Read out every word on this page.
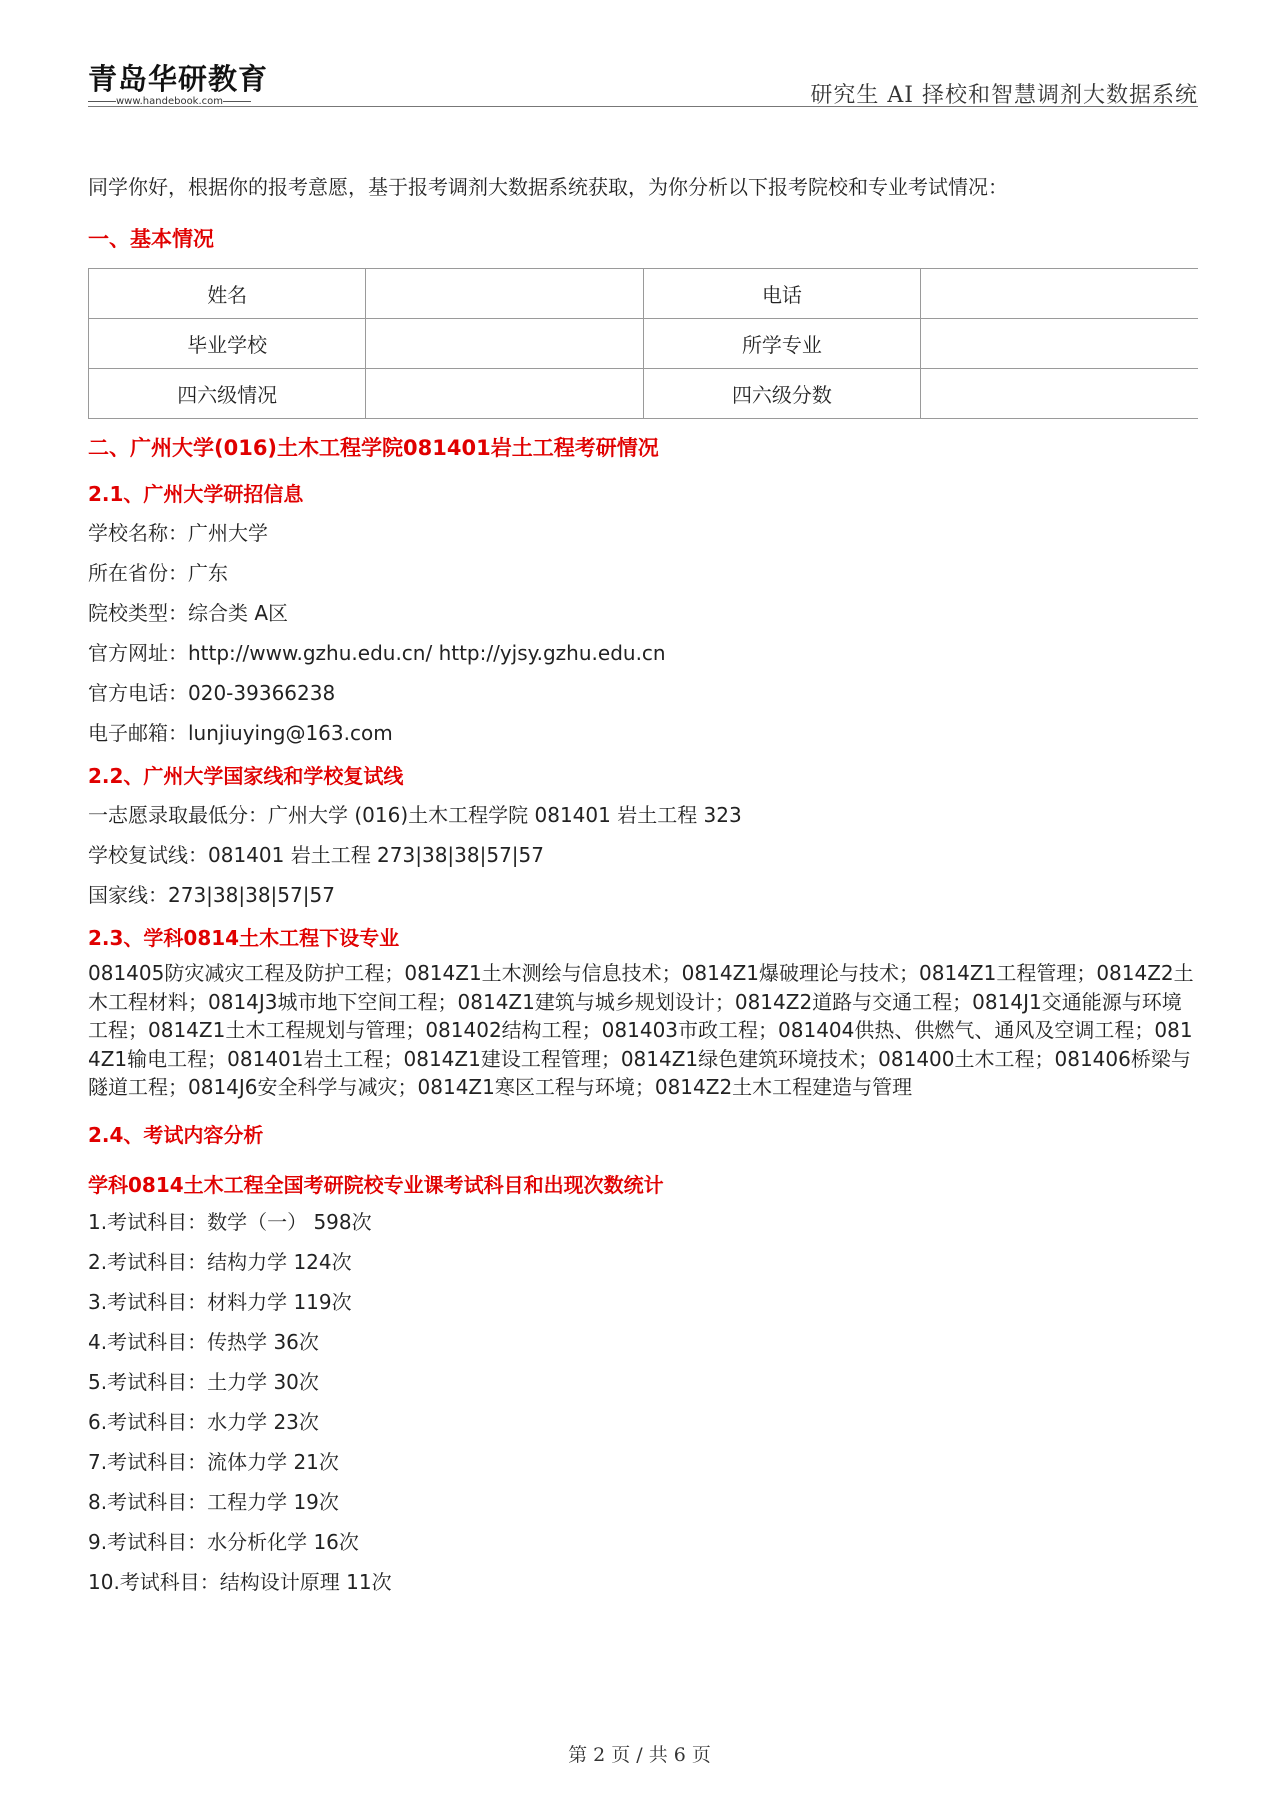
青岛华研教育
www.handebook.com	研究生 AI 择校和智慧调剂大数据系统
同学你好，根据你的报考意愿，基于报考调剂大数据系统获取，为你分析以下报考院校和专业考试情况：
一、基本情况
姓名		电话	
毕业学校		所学专业	
四六级情况		四六级分数	
二、广州大学(016)土木工程学院081401岩土工程考研情况
2.1、广州大学研招信息
学校名称：广州大学
所在省份：广东
院校类型：综合类 A区
官方网址：http://www.gzhu.edu.cn/ http://yjsy.gzhu.edu.cn
官方电话：020-39366238
电子邮箱：lunjiuying@163.com
2.2、广州大学国家线和学校复试线
一志愿录取最低分：广州大学 (016)土木工程学院 081401 岩土工程 323
学校复试线：081401 岩土工程 273|38|38|57|57
国家线：273|38|38|57|57
2.3、学科0814土木工程下设专业

081405防灾减灾工程及防护工程；0814Z1土木测绘与信息技术；0814Z1爆破理论与技术；0814Z1工程管理；0814Z2土木工程材料；0814J3城市地下空间工程；0814Z1建筑与城乡规划设计；0814Z2道路与交通工程；0814J1交通能源与环境工程；0814Z1土木工程规划与管理；081402结构工程；081403市政工程；081404供热、供燃气、通风及空调工程；0814Z1输电工程；081401岩土工程；0814Z1建设工程管理；0814Z1绿色建筑环境技术；081400土木工程；081406桥梁与隧道工程；0814J6安全科学与减灾；0814Z1寒区工程与环境；0814Z2土木工程建造与管理

2.4、考试内容分析
学科0814土木工程全国考研院校专业课考试科目和出现次数统计
1.考试科目：数学（一） 598次
2.考试科目：结构力学 124次
3.考试科目：材料力学 119次
4.考试科目：传热学 36次
5.考试科目：土力学 30次
6.考试科目：水力学 23次
7.考试科目：流体力学 21次
8.考试科目：工程力学 19次
9.考试科目：水分析化学 16次
10.考试科目：结构设计原理 11次
第 2 页 / 共 6 页
